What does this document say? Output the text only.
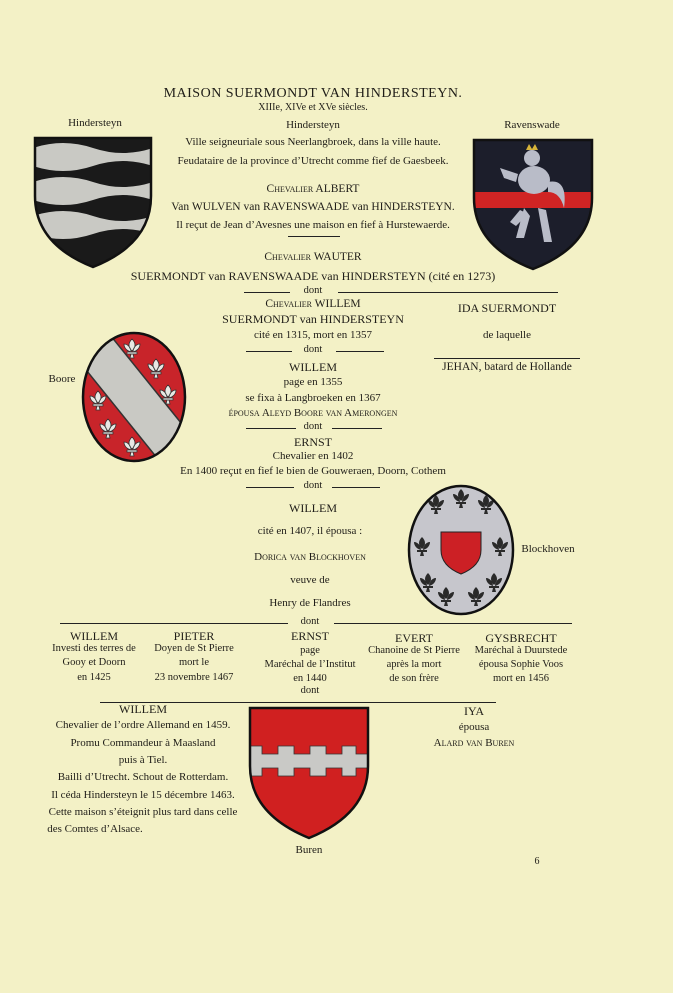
MAISON SUERMONDT VAN HINDERSTEYN.
XIIIe, XIVe et XVe siècles.
Hindersteyn	Ravenswade
Hindersteyn
Ville seigneuriale sous Neerlangbroek, dans la ville haute.
Feudataire de la province d’Utrecht comme fief de Gaesbeek.
Chevalier ALBERT
Van WULVEN van RAVENSWAADE van HINDERSTEYN.
Il reçut de Jean d’Avesnes une maison en fief à Hurstewaerde.
Chevalier WAUTER
SUERMONDT van RAVENSWAADE van HINDERSTEYN (cité en 1273)
dont
Chevalier WILLEM
SUERMONDT van HINDERSTEYN
cité en 1315, mort en 1357
dont
IDA SUERMONDT
de laquelle
JEHAN, batard de Hollande
Boore
WILLEM
page en 1355
se fixa à Langbroeken en 1367
épousa Aleyd Boore van Amerongen
dont
ERNST
Chevalier en 1402
En 1400 reçut en fief le bien de Gouweraen, Doorn, Cothem
dont
WILLEM
cité en 1407, il épousa :
Dorica van Blockhoven
veuve de
Henry de Flandres
Blockhoven
dont
WILLEM
Investi des terres de
Gooy et Doorn
en 1425
PIETER
Doyen de St Pierre
mort le
23 novembre 1467
ERNST
page
Maréchal de l’Institut
en 1440
EVERT
Chanoine de St Pierre
après la mort
de son frère
GYSBRECHT
Maréchal à Duurstede
épousa Sophie Voos
mort en 1456
dont
WILLEM
Chevalier de l’ordre Allemand en 1459.
Promu Commandeur à Maasland
puis à Tiel.
Bailli d’Utrecht. Schout de Rotterdam.
Il céda Hindersteyn le 15 décembre 1463.
Cette maison s’éteignit plus tard dans celle
des Comtes d’Alsace.
Buren
IYA
épousa
Alard van Buren
6
